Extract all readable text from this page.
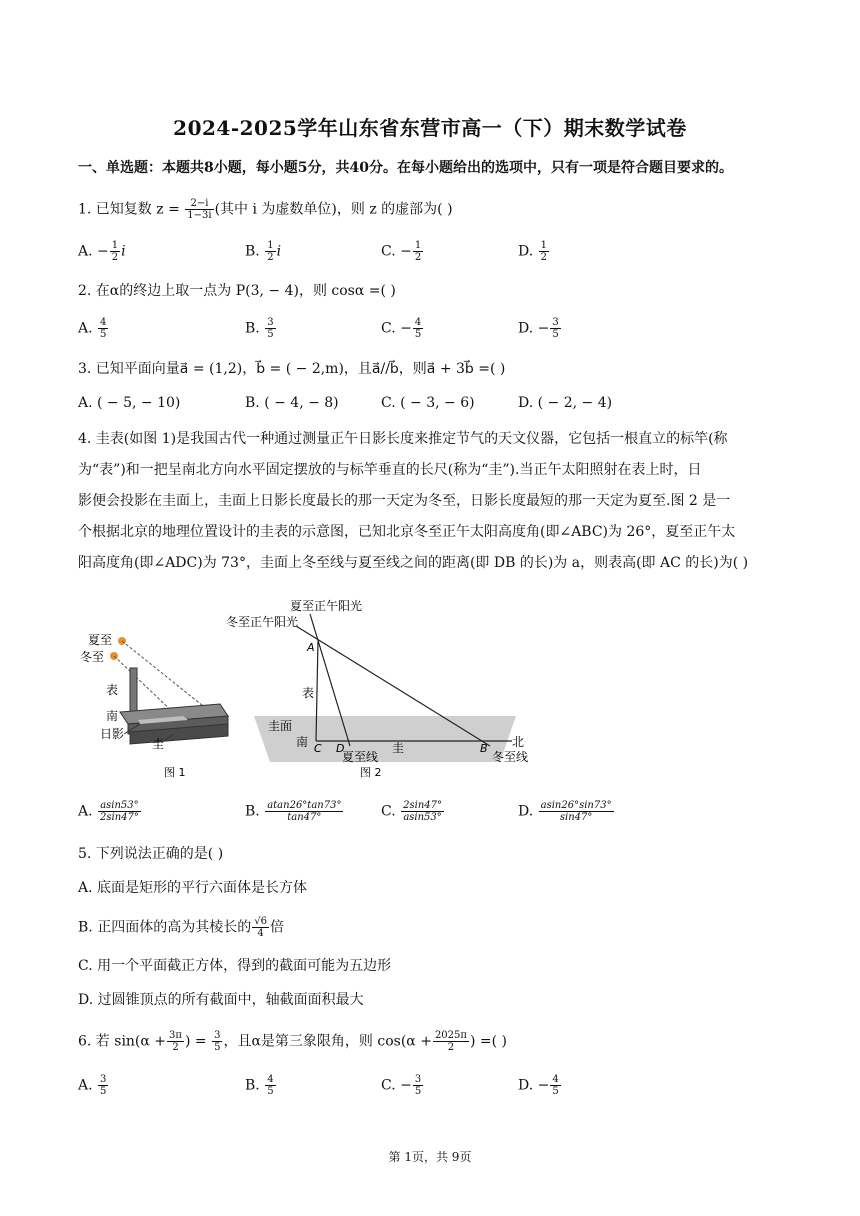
2024-2025学年山东省东营市高一（下）期末数学试卷
一、单选题：本题共8小题，每小题5分，共40分。在每小题给出的选项中，只有一项是符合题目要求的。
1. 已知复数 $z = \frac{2-i}{1-3i}$ (其中 i 为虚数单位)，则 z 的虚部为( )
A. − $\frac{1}{2}$ i	B. $\frac{1}{2}$ i	C. − $\frac{1}{2}$	D. $\frac{1}{2}$
2. 在α的终边上取一点为 P(3, − 4)，则 cosα =( )
A. $\frac{4}{5}$	B. $\frac{3}{5}$	C. − $\frac{4}{5}$	D. − $\frac{3}{5}$
3. 已知平面向量a⃗ = (1,2)，b⃗ = ( − 2,m)，且a⃗//b⃗，则a⃗ + 3b⃗ =( )
A. ( − 5, − 10)	B. ( − 4, − 8)	C. ( − 3, − 6)	D. ( − 2, − 4)
4. 圭表(如图 1)是我国古代一种通过测量正午日影长度来推定节气的天文仪器，它包括一根直立的标竿(称
为“表”)和一把呈南北方向水平固定摆放的与标竿垂直的长尺(称为“圭”).当正午太阳照射在表上时，日
影便会投影在圭面上，圭面上日影长度最长的那一天定为冬至，日影长度最短的那一天定为夏至.图 2 是一
个根据北京的地理位置设计的圭表的示意图，已知北京冬至正午太阳高度角(即∠ABC)为 26°，夏至正午太
阳高度角(即∠ADC)为 73°，圭面上冬至线与夏至线之间的距离(即 DB 的长)为 a，则表高(即 AC 的长)为( )
夏至
冬至
表
南
日影
圭
图 1
夏至正午阳光
冬至正午阳光
A
表
圭面
南 C D
夏至线
圭	B 北
冬至线
图 2
A. $\frac{asin53^\circ}{2\sin 47^\circ}$	B. $\frac{atan26^\circ\tan 73^\circ}{\tan 47^\circ}$	C. $\frac{2\sin 47^\circ}{asin53^\circ}$	D. $\frac{asin26^\circ\sin 73^\circ}{\sin 47^\circ}$
5. 下列说法正确的是( )
A. 底面是矩形的平行六面体是长方体
B. 正四面体的高为其棱长的 $\frac{√6}{4}$ 倍
C. 用一个平面截正方体，得到的截面可能为五边形
D. 过圆锥顶点的所有截面中，轴截面面积最大
6. 若 $\sin(\alpha + \frac{3\pi}{2}$ ) = $\frac{3}{5}$ ，且α是第三象限角，则 $\cos(\alpha + \frac{2025\pi}{2}$ ) =( )
A. $\frac{3}{5}$	B. $\frac{4}{5}$	C. − $\frac{3}{5}$	D. − $\frac{4}{5}$
第 1页，共 9页
